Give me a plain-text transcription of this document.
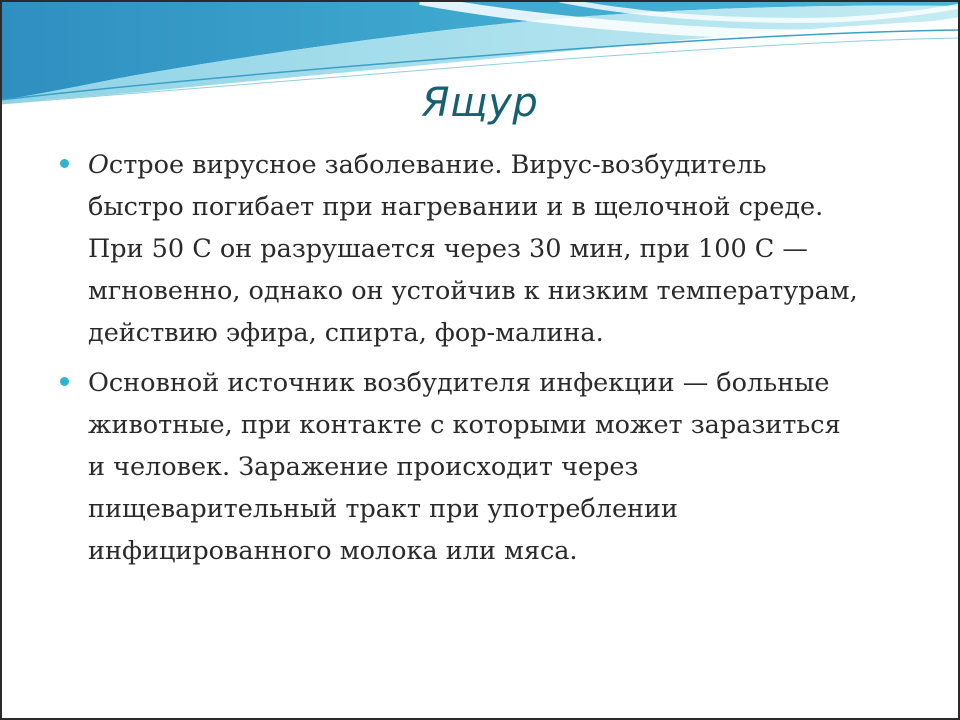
Ящур
Острое вирусное заболевание. Вирус-возбудитель быстро погибает при нагревании и в щелочной среде. При 50 С он разрушается через 30 мин, при 100 С — мгновенно, однако он устойчив к низким температурам, действию эфира, спирта, фор-малина.
Основной источник возбудителя инфекции — больные животные, при контакте с которыми может заразиться и человек. Заражение происходит через пищеварительный тракт при употреблении инфицированного молока или мяса.
